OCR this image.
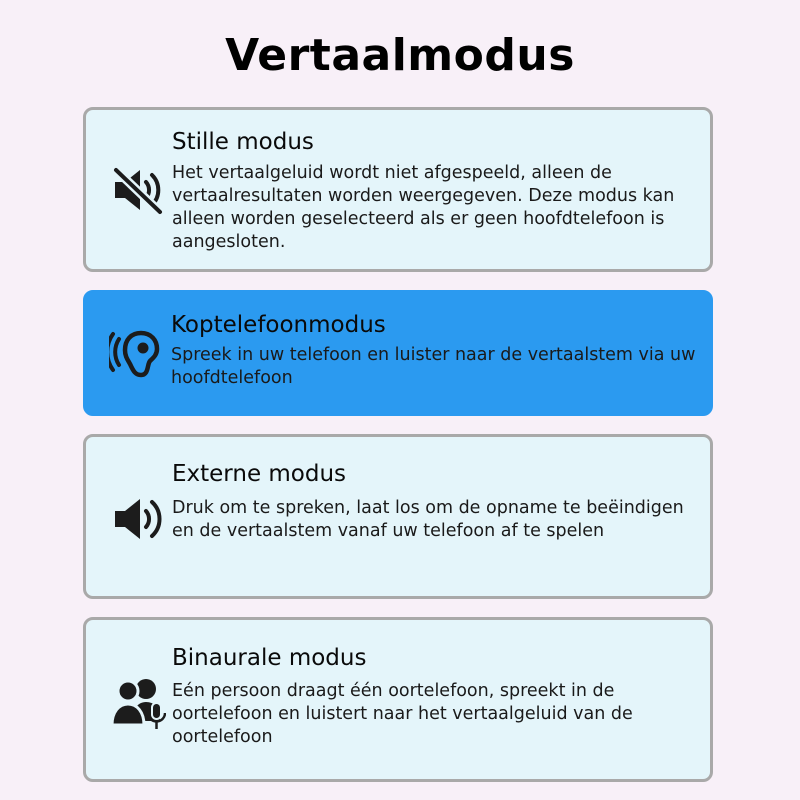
Vertaalmodus
Stille modus
Het vertaalgeluid wordt niet afgespeeld, alleen de vertaalresultaten worden weergegeven. Deze modus kan alleen worden geselecteerd als er geen hoofdtelefoon is aangesloten.
Koptelefoonmodus
Spreek in uw telefoon en luister naar de vertaalstem via uw hoofdtelefoon
Externe modus
Druk om te spreken, laat los om de opname te beëindigen en de vertaalstem vanaf uw telefoon af te spelen
Binaurale modus
Eén persoon draagt één oortelefoon, spreekt in de oortelefoon en luistert naar het vertaalgeluid van de oortelefoon
